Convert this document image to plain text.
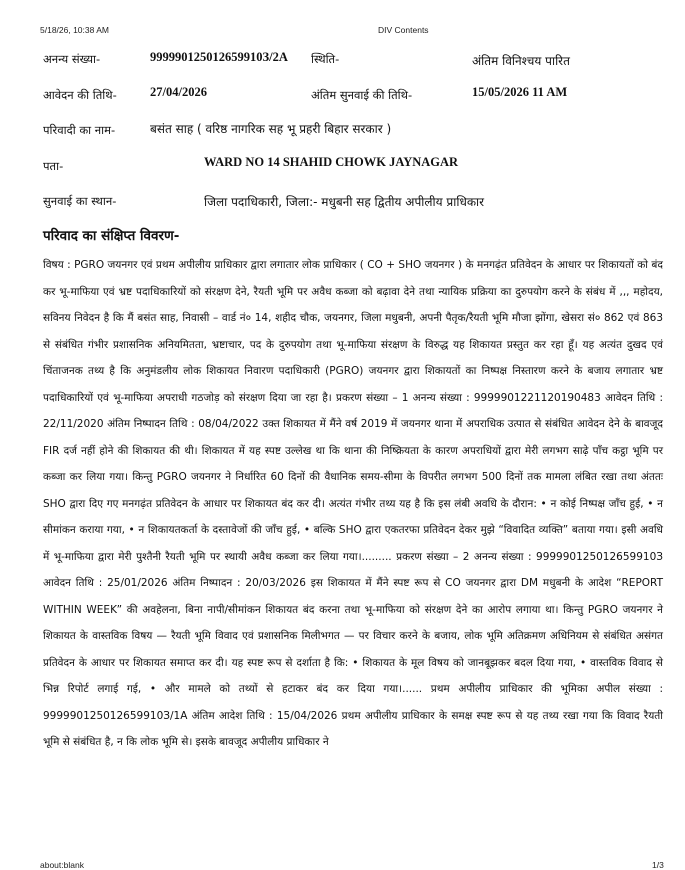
5/18/26, 10:38 AM	DIV Contents
अनन्य संख्या-	999990125012659910З/2A स्थिति-	अंतिम विनिश्चय पारित
आवेदन की तिथि-	27/04/2026	अंतिम सुनवाई की तिथि-	15/05/2026 11 AM
परिवादी का नाम-	बसंत साह ( वरिष्ठ नागरिक सह भू प्रहरी बिहार सरकार )
पता-	WARD NO 14 SHAHID CHOWK JAYNAGAR
सुनवाई का स्थान-	जिला पदाधिकारी, जिला:- मधुबनी सह द्वितीय अपीलीय प्राधिकार
परिवाद का संक्षिप्त विवरण-
विषय : PGRO जयनगर एवं प्रथम अपीलीय प्राधिकार द्वारा लगातार लोक प्राधिकार ( CO + SHO जयनगर ) के मनगढ़ंत प्रतिवेदन के आधार पर शिकायतों को बंद कर भू-माफिया एवं भ्रष्ट पदाधिकारियों को संरक्षण देने, रैयती भूमि पर अवैध कब्जा को बढ़ावा देने तथा न्यायिक प्रक्रिया का दुरुपयोग करने के संबंध में ,,, महोदय, सविनय निवेदन है कि मैं बसंत साह, निवासी – वार्ड नं० 14, शहीद चौक, जयनगर, जिला मधुबनी, अपनी पैतृक/रैयती भूमि मौजा झोंगा, खेसरा सं० 862 एवं 863 से संबंधित गंभीर प्रशासनिक अनियमितता, भ्रष्टाचार, पद के दुरुपयोग तथा भू-माफिया संरक्षण के विरुद्ध यह शिकायत प्रस्तुत कर रहा हूँ। यह अत्यंत दुखद एवं चिंताजनक तथ्य है कि अनुमंडलीय लोक शिकायत निवारण पदाधिकारी (PGRO) जयनगर द्वारा शिकायतों का निष्पक्ष निस्तारण करने के बजाय लगातार भ्रष्ट पदाधिकारियों एवं भू-माफिया अपराधी गठजोड़ को संरक्षण दिया जा रहा है। प्रकरण संख्या – 1 अनन्य संख्या : 9999901221120190483 आवेदन तिथि : 22/11/2020 अंतिम निष्पादन तिथि : 08/04/2022 उक्त शिकायत में मैंने वर्ष 2019 में जयनगर थाना में अपराधिक उत्पात से संबंधित आवेदन देने के बावजूद FIR दर्ज नहीं होने की शिकायत की थी। शिकायत में यह स्पष्ट उल्लेख था कि थाना की निष्क्रियता के कारण अपराधियों द्वारा मेरी लगभग साढ़े पाँच कट्ठा भूमि पर कब्जा कर लिया गया। किन्तु PGRO जयनगर ने निर्धारित 60 दिनों की वैधानिक समय-सीमा के विपरीत लगभग 500 दिनों तक मामला लंबित रखा तथा अंततः SHO द्वारा दिए गए मनगढ़ंत प्रतिवेदन के आधार पर शिकायत बंद कर दी। अत्यंत गंभीर तथ्य यह है कि इस लंबी अवधि के दौरान: • न कोई निष्पक्ष जाँच हुई, • न सीमांकन कराया गया, • न शिकायतकर्ता के दस्तावेजों की जाँच हुई, • बल्कि SHO द्वारा एकतरफा प्रतिवेदन देकर मुझे “विवादित व्यक्ति” बताया गया। इसी अवधि में भू-माफिया द्वारा मेरी पुश्तैनी रैयती भूमि पर स्थायी अवैध कब्जा कर लिया गया।......... प्रकरण संख्या – 2 अनन्य संख्या : 999990125012659910З आवेदन तिथि : 25/01/2026 अंतिम निष्पादन : 20/03/2026 इस शिकायत में मैंने स्पष्ट रूप से CO जयनगर द्वारा DM मधुबनी के आदेश “REPORT WITHIN WEEK” की अवहेलना, बिना नापी/सीमांकन शिकायत बंद करना तथा भू-माफिया को संरक्षण देने का आरोप लगाया था। किन्तु PGRO जयनगर ने शिकायत के वास्तविक विषय — रैयती भूमि विवाद एवं प्रशासनिक मिलीभगत — पर विचार करने के बजाय, लोक भूमि अतिक्रमण अधिनियम से संबंधित असंगत प्रतिवेदन के आधार पर शिकायत समाप्त कर दी। यह स्पष्ट रूप से दर्शाता है कि: • शिकायत के मूल विषय को जानबूझकर बदल दिया गया, • वास्तविक विवाद से भिन्न रिपोर्ट लगाई गई, • और मामले को तथ्यों से हटाकर बंद कर दिया गया।...... प्रथम अपीलीय प्राधिकार की भूमिका अपील संख्या : 999990125012659910З/1A अंतिम आदेश तिथि : 15/04/2026 प्रथम अपीलीय प्राधिकार के समक्ष स्पष्ट रूप से यह तथ्य रखा गया कि विवाद रैयती भूमि से संबंधित है, न कि लोक भूमि से। इसके बावजूद अपीलीय प्राधिकार ने
about:blank	1/3
